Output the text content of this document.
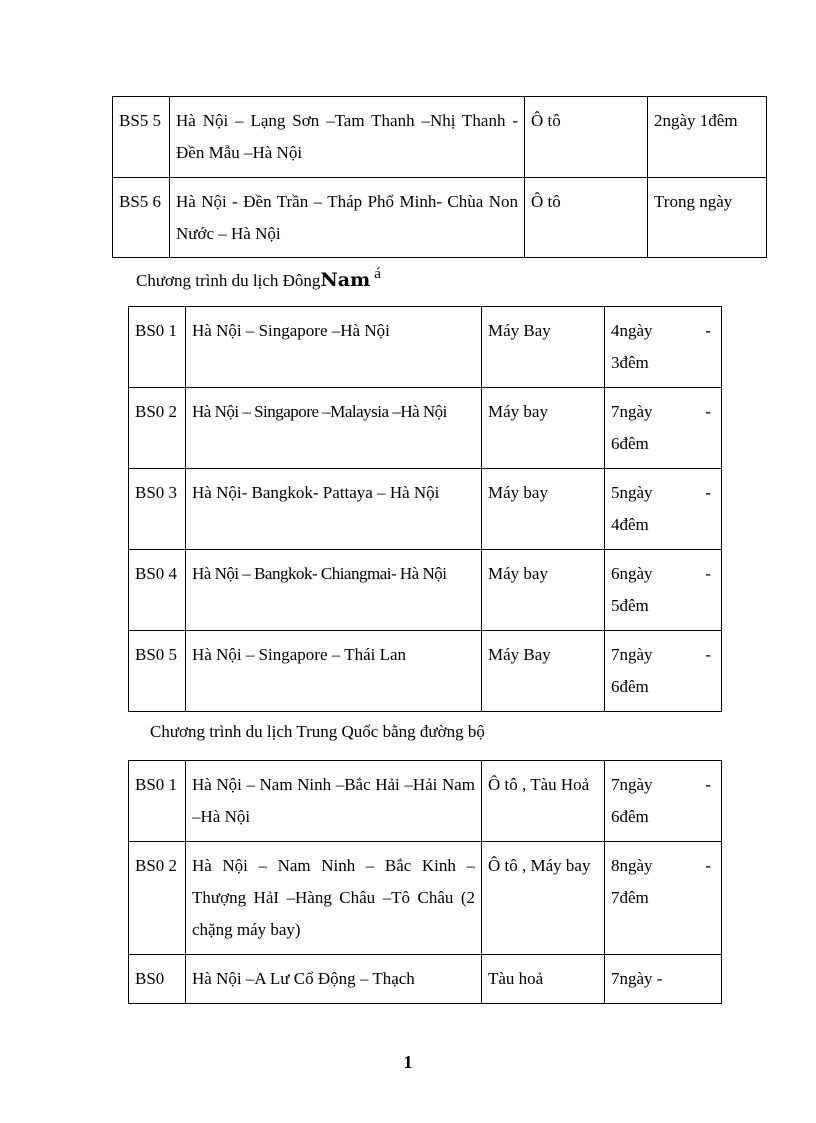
BS5 5	Hà Nội – Lạng Sơn –Tam Thanh –Nhị Thanh - Đền Mẫu –Hà Nội	Ô tô	2ngày 1đêm
BS5 6	Hà Nội - Đền Trần – Tháp Phổ Minh- Chùa Non Nước – Hà Nội	Ô tô	Trong ngày
Chương trình du lịch ĐôngNam $^á$
BS0 1	Hà Nội – Singapore –Hà Nội	Máy Bay	4ngày -
3đêm

BS0 2	Hà Nội – Singapore –Malaysia –Hà Nội	Máy bay	7ngày -
6đêm

BS0 3	Hà Nội- Bangkok- Pattaya – Hà Nội	Máy bay	5ngày -
4đêm

BS0 4	Hà Nội – Bangkok- Chiangmai- Hà Nội	Máy bay	6ngày -
5đêm

BS0 5	Hà Nội – Singapore – Thái Lan	Máy Bay	7ngày -
6đêm
Chương trình du lịch Trung Quốc bằng đường bộ
BS0 1	Hà Nội – Nam Ninh –Bắc Hải –Hải Nam –Hà Nội	Ô tô , Tàu Hoả	7ngày -
6đêm

BS0 2	Hà Nội – Nam Ninh – Bắc Kinh – Thượng HảI –Hàng Châu –Tô Châu (2 chặng máy bay)	Ô tô , Máy bay	8ngày -
7đêm

BS0	Hà Nội –A Lư Cổ Động – Thạch	Tàu hoả	7ngày -
1
